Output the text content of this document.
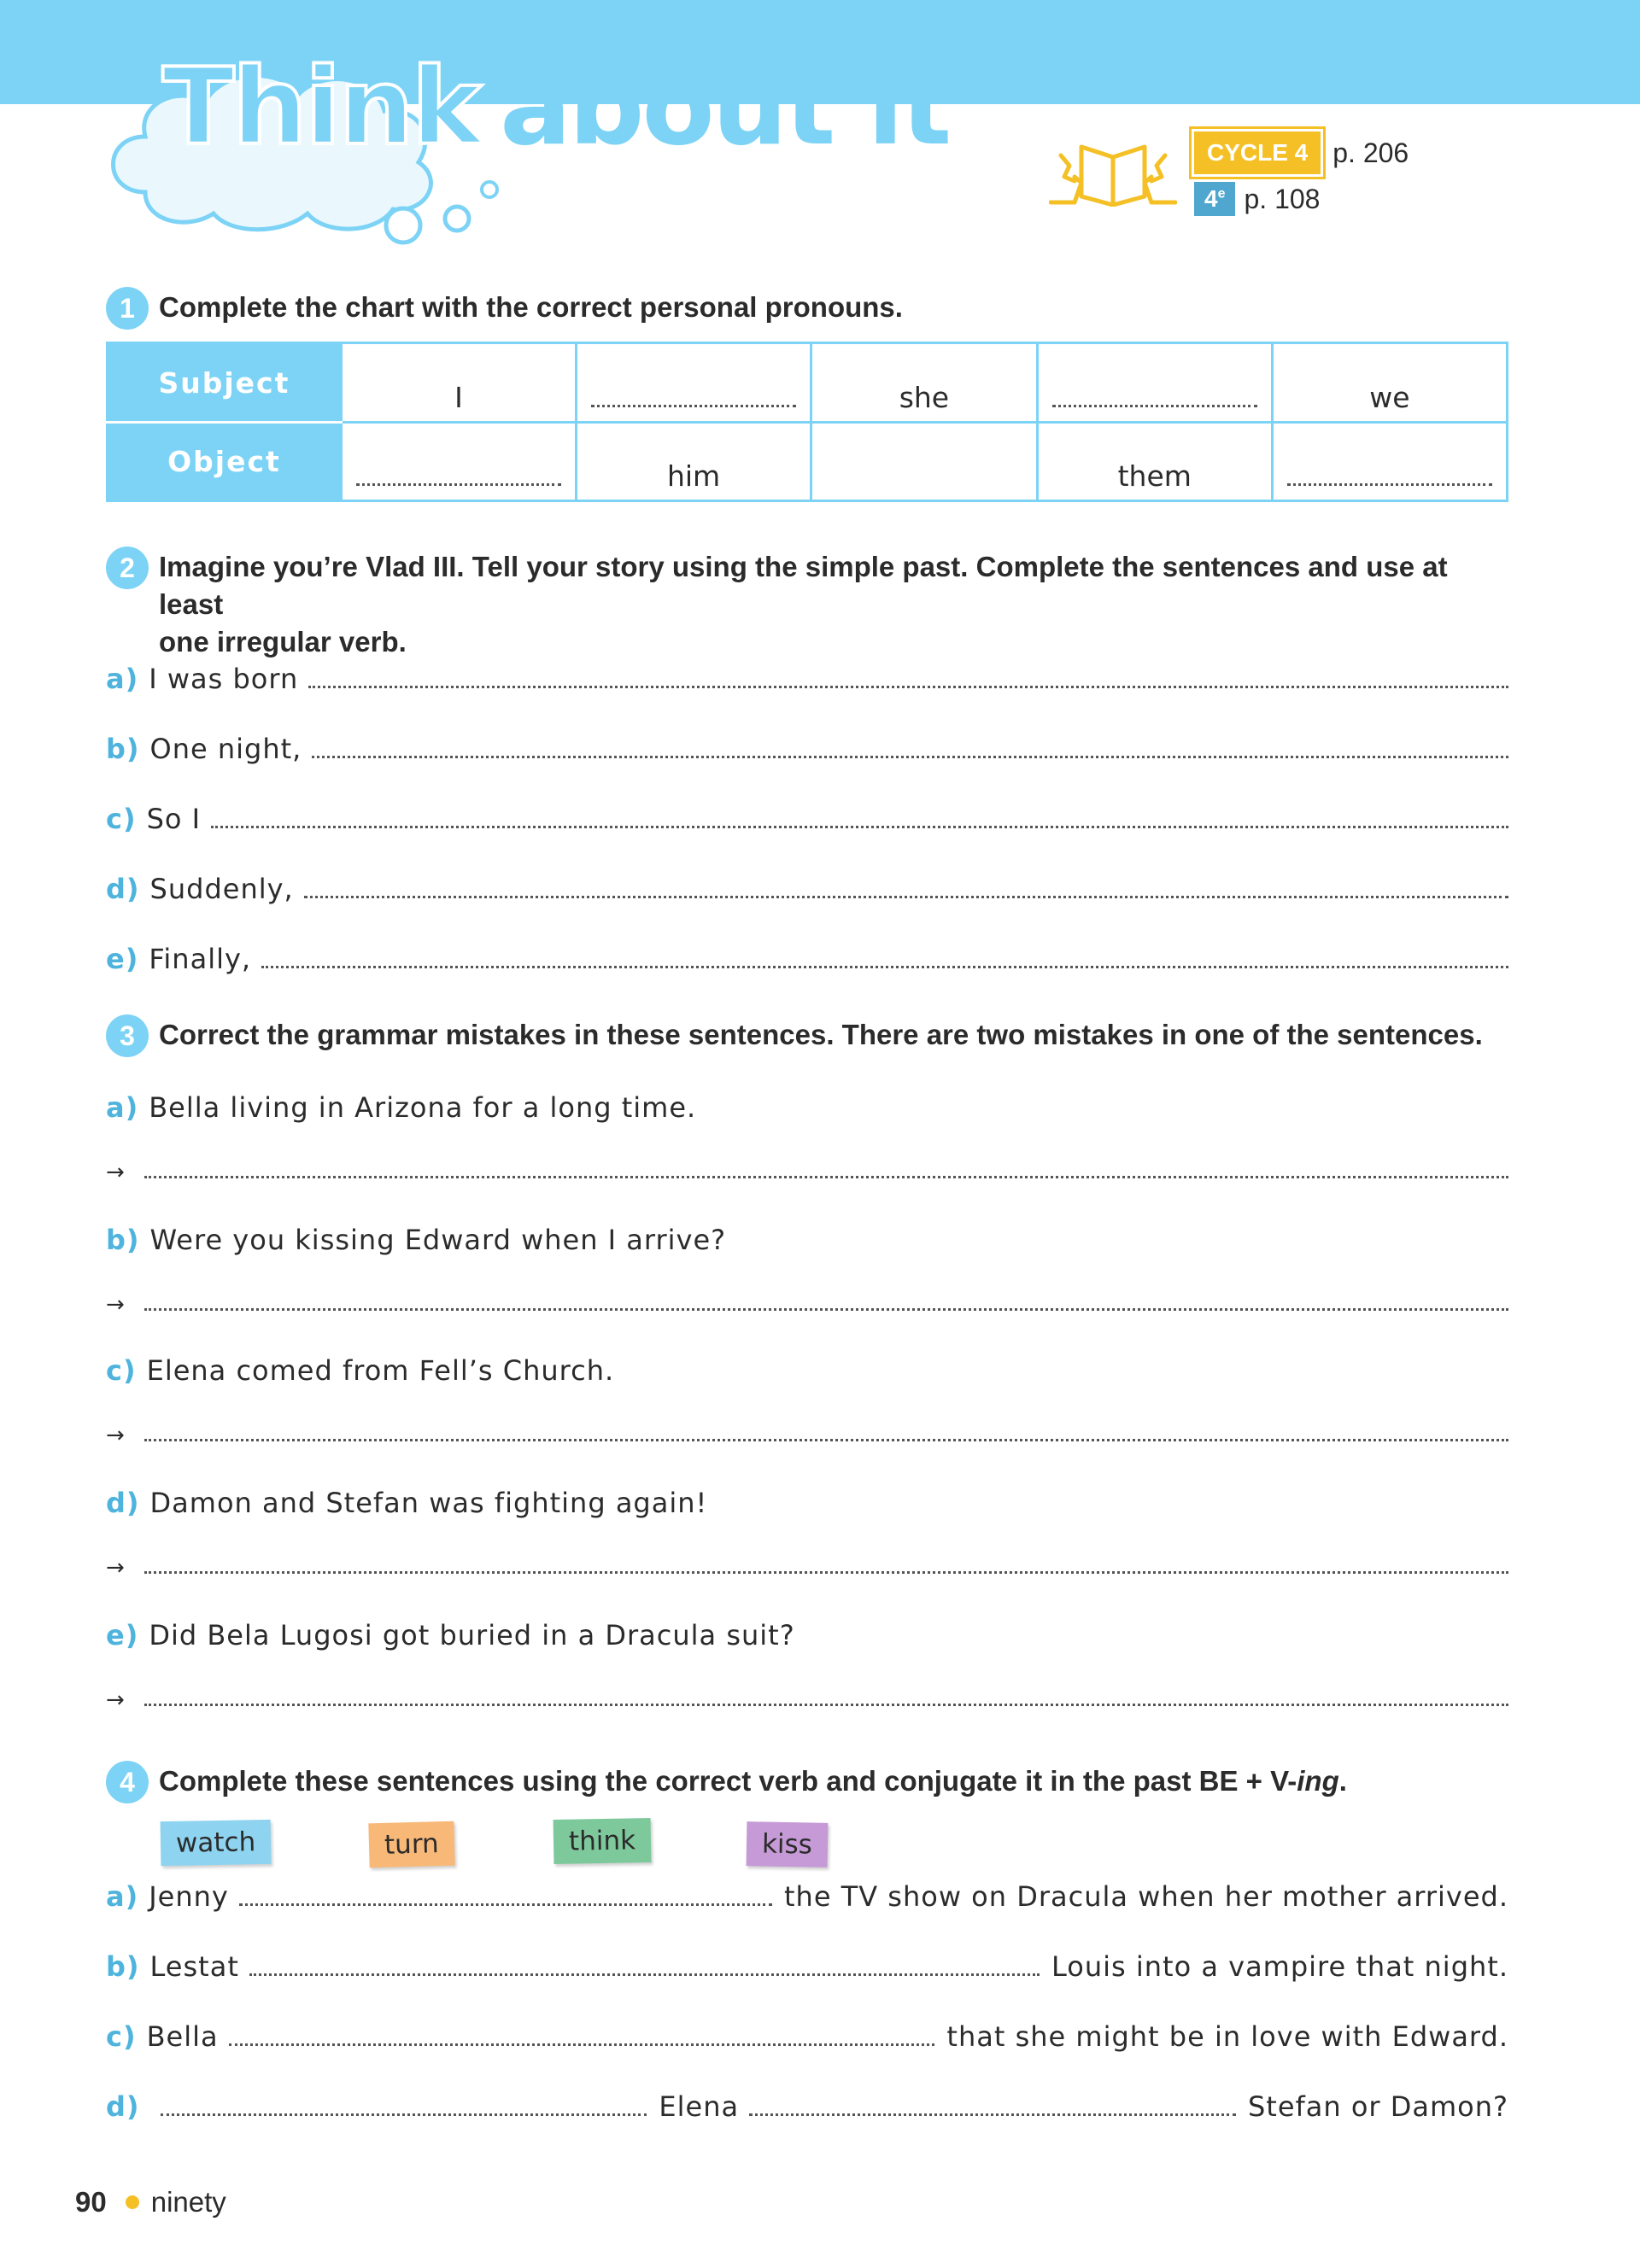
Think about it	CYCLE 4 p. 206
4e p. 108
1 Complete the chart with the correct personal pronouns.
Subject	I		she		we
Object		him		them	
2 Imagine you’re Vlad III. Tell your story using the simple past. Complete the sentences and use at least
one irregular verb.
a) I was born
b) One night,
c) So I
d) Suddenly,
e) Finally,
3 Correct the grammar mistakes in these sentences. There are two mistakes in one of the sentences.
a) Bella living in Arizona for a long time.
→
b) Were you kissing Edward when I arrive?
→
c) Elena comed from Fell’s Church.
→
d) Damon and Stefan was fighting again!
→
e) Did Bela Lugosi got buried in a Dracula suit?
→
4 Complete these sentences using the correct verb and conjugate it in the past BE + V-ing.
watch	turn	think	kiss
a) Jenny	the TV show on Dracula when her mother arrived.
b) Lestat	Louis into a vampire that night.
c) Bella	that she might be in love with Edward.
d)	Elena	Stefan or Damon?
90 ninety
